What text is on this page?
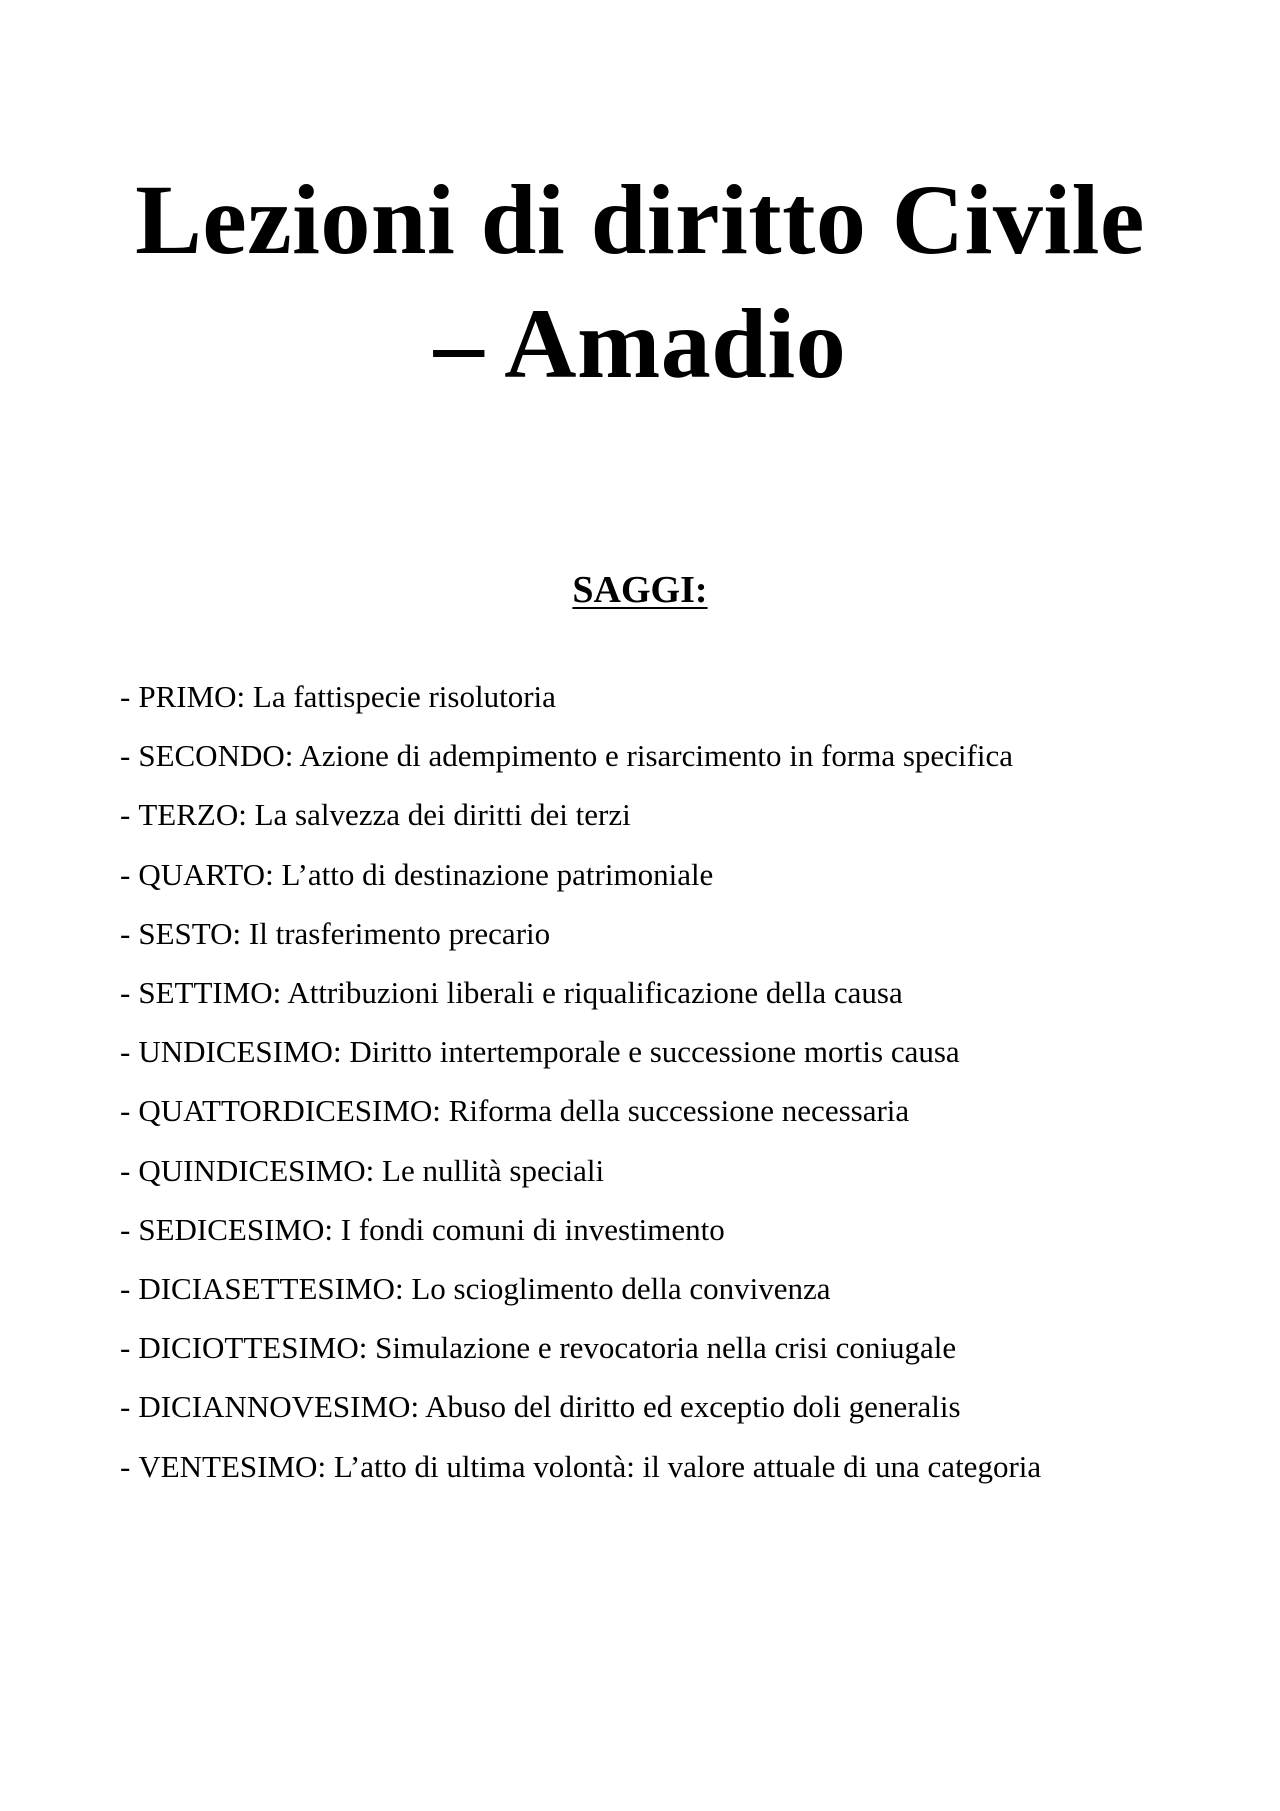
Lezioni di diritto Civile
– Amadio
SAGGI:
- PRIMO: La fattispecie risolutoria
- SECONDO: Azione di adempimento e risarcimento in forma specifica
- TERZO: La salvezza dei diritti dei terzi
- QUARTO: L’atto di destinazione patrimoniale
- SESTO: Il trasferimento precario
- SETTIMO: Attribuzioni liberali e riqualificazione della causa
- UNDICESIMO: Diritto intertemporale e successione mortis causa
- QUATTORDICESIMO: Riforma della successione necessaria
- QUINDICESIMO: Le nullità speciali
- SEDICESIMO: I fondi comuni di investimento
- DICIASETTESIMO: Lo scioglimento della convivenza
- DICIOTTESIMO: Simulazione e revocatoria nella crisi coniugale
- DICIANNOVESIMO: Abuso del diritto ed exceptio doli generalis
- VENTESIMO: L’atto di ultima volontà: il valore attuale di una categoria
